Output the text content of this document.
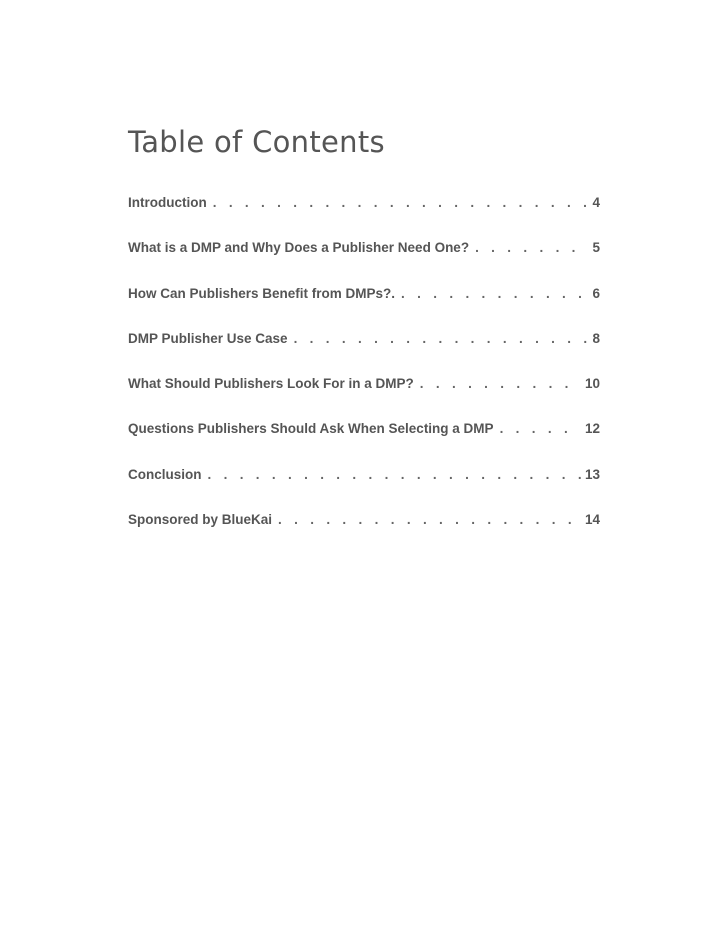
Table of Contents
Introduction . . .	4
What is a DMP and Why Does a Publisher Need One? . . .	5
How Can Publishers Benefit from DMPs?. . . .	6
DMP Publisher Use Case . . .	8
What Should Publishers Look For in a DMP? . . .	10
Questions Publishers Should Ask When Selecting a DMP . . .	12
Conclusion . . .	13
Sponsored by BlueKai . . .	14
